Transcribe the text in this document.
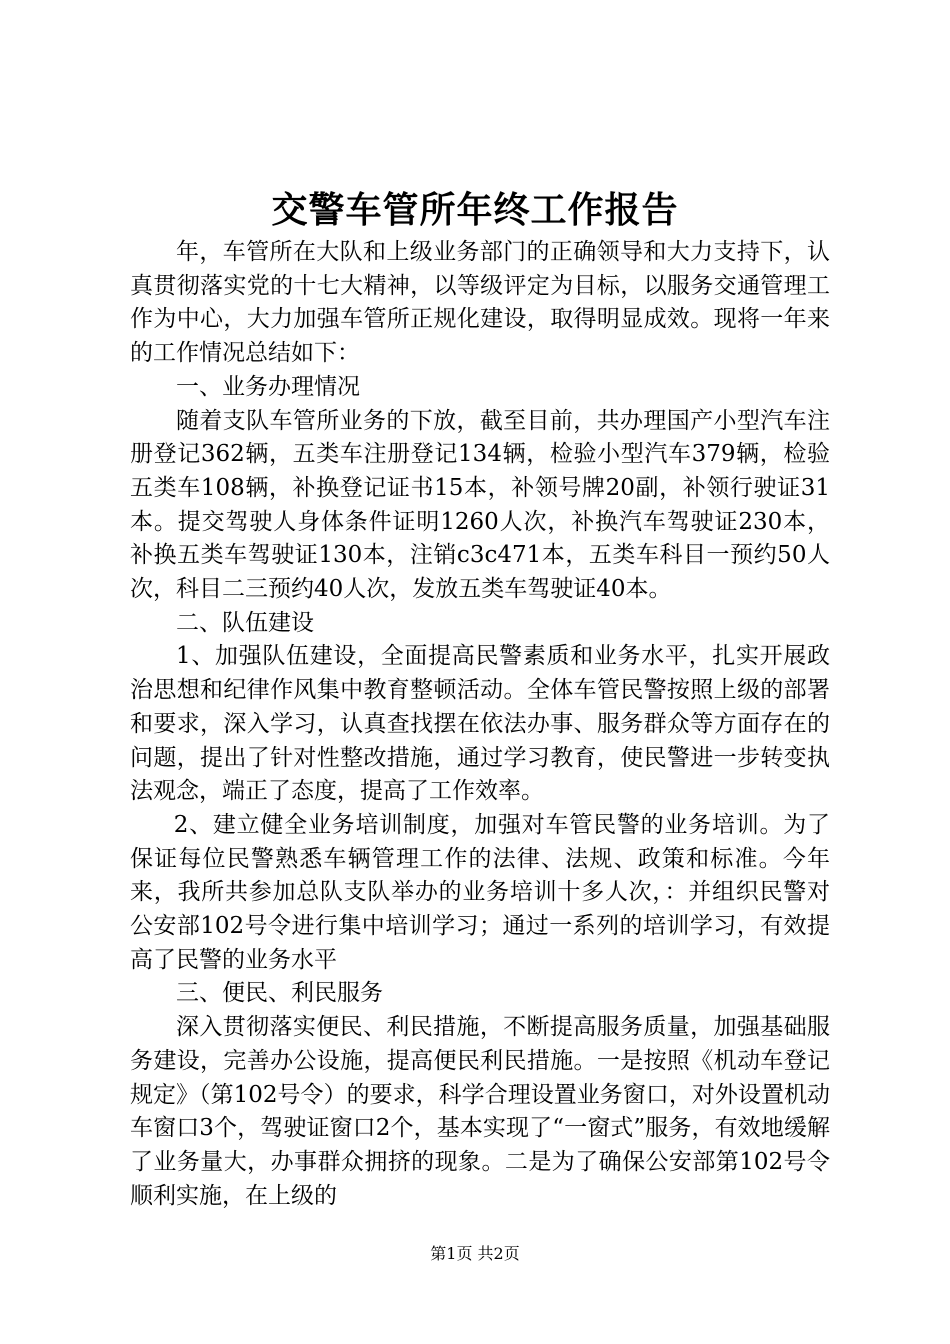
交警车管所年终工作报告

年，车管所在大队和上级业务部门的正确领导和大力支持下，认真贯彻落实党的十七大精神，以等级评定为目标，以服务交通管理工作为中心，大力加强车管所正规化建设，取得明显成效。现将一年来的工作情况总结如下：

一、业务办理情况

随着支队车管所业务的下放，截至目前，共办理国产小型汽车注册登记362辆，五类车注册登记134辆，检验小型汽车379辆，检验五类车108辆，补换登记证书15本，补领号牌20副，补领行驶证31本。提交驾驶人身体条件证明1260人次，补换汽车驾驶证230本，补换五类车驾驶证130本，注销c3c471本，五类车科目一预约50人次，科目二三预约40人次，发放五类车驾驶证40本。

二、队伍建设

1、加强队伍建设，全面提高民警素质和业务水平，扎实开展政治思想和纪律作风集中教育整顿活动。全体车管民警按照上级的部署和要求，深入学习，认真查找摆在依法办事、服务群众等方面存在的问题，提出了针对性整改措施，通过学习教育，使民警进一步转变执法观念，端正了态度，提高了工作效率。

2、建立健全业务培训制度，加强对车管民警的业务培训。为了保证每位民警熟悉车辆管理工作的法律、法规、政策和标准。今年来，我所共参加总队支队举办的业务培训十多人次，：并组织民警对公安部102号令进行集中培训学习；通过一系列的培训学习，有效提高了民警的业务水平

三、便民、利民服务

深入贯彻落实便民、利民措施，不断提高服务质量，加强基础服务建设，完善办公设施，提高便民利民措施。一是按照《机动车登记规定》（第102号令）的要求，科学合理设置业务窗口，对外设置机动车窗口3个，驾驶证窗口2个，基本实现了“一窗式”服务，有效地缓解了业务量大，办事群众拥挤的现象。二是为了确保公安部第102号令顺利实施，在上级的

第1页 共2页
